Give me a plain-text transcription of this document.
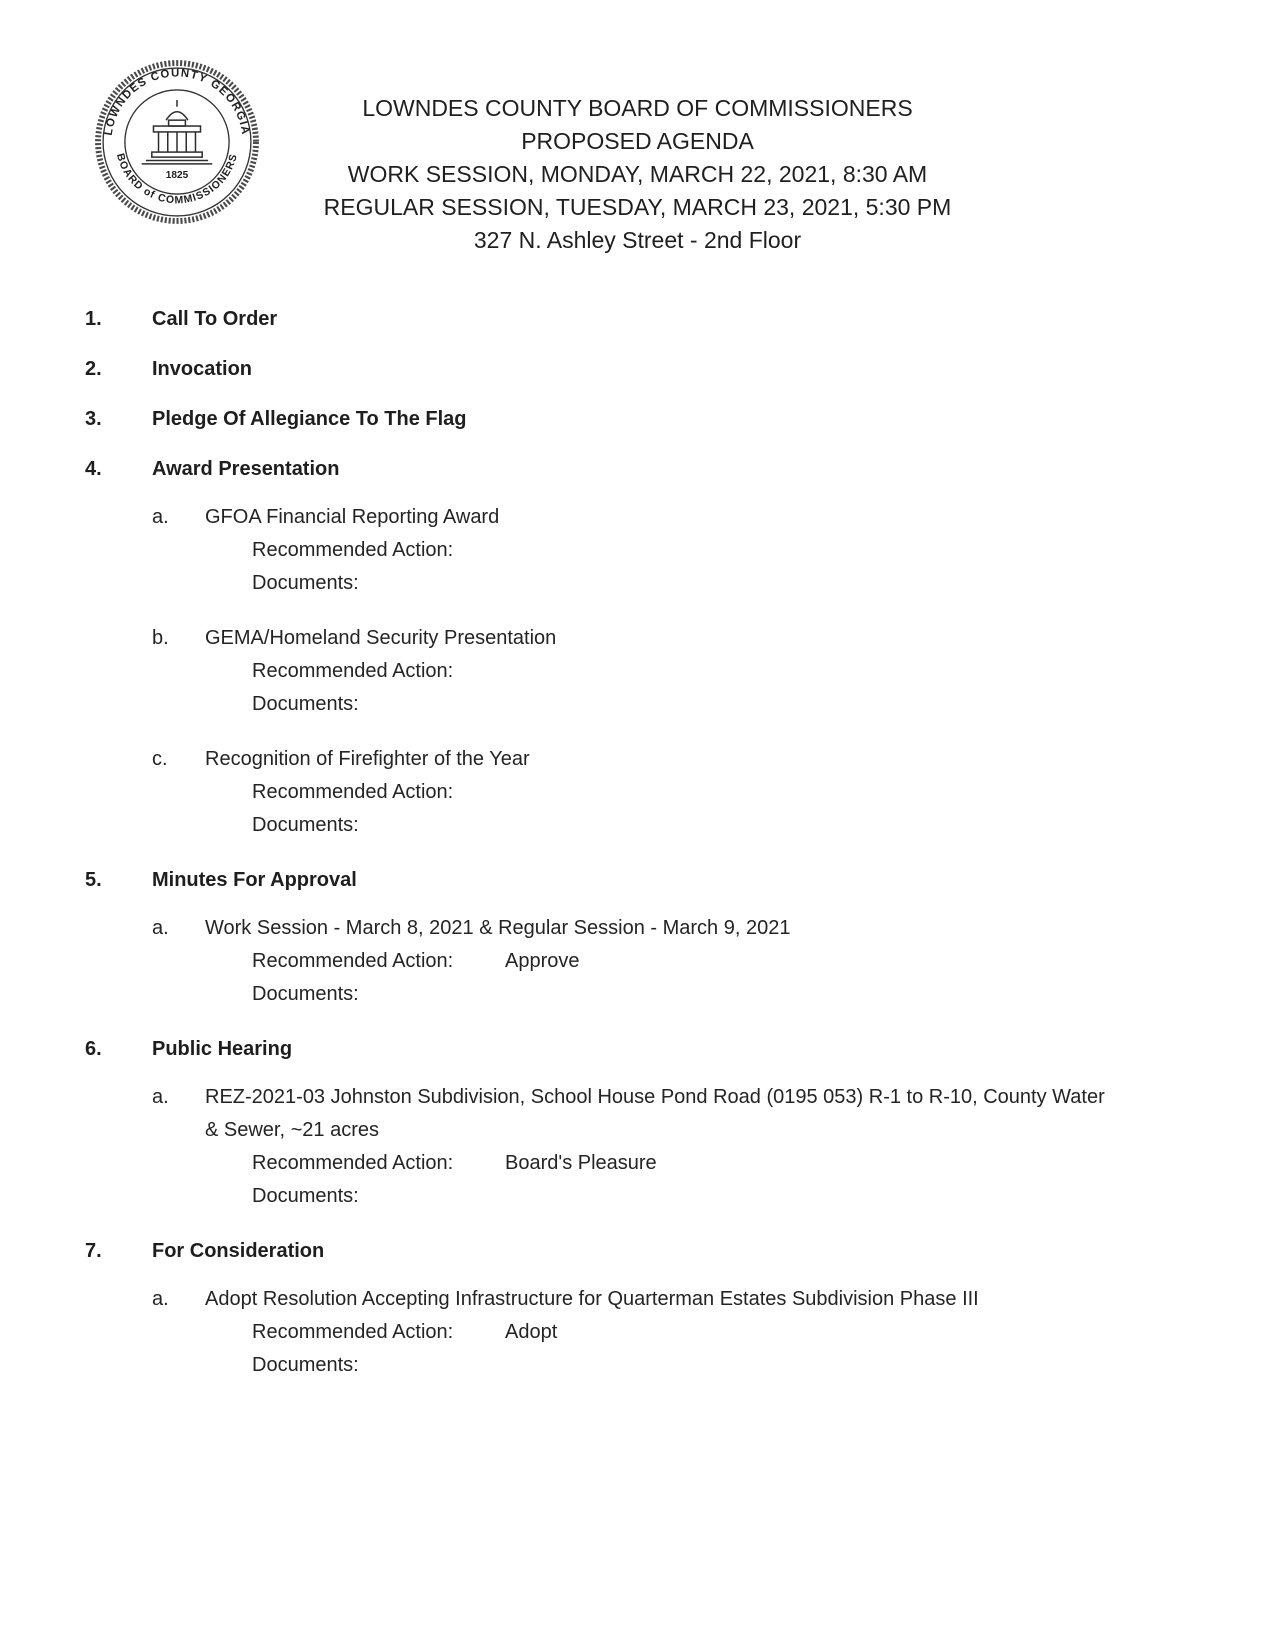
LOWNDES COUNTY GEORGIA
BOARD of COMMISSIONERS
1825
LOWNDES COUNTY BOARD OF COMMISSIONERS
PROPOSED AGENDA
WORK SESSION, MONDAY, MARCH 22, 2021, 8:30 AM
REGULAR SESSION, TUESDAY, MARCH 23, 2021, 5:30 PM
327 N. Ashley Street - 2nd Floor
1.	Call To Order
2.	Invocation
3.	Pledge Of Allegiance To The Flag
4.	Award Presentation
a.	GFOA Financial Reporting Award
Recommended Action:
Documents:
b.	GEMA/Homeland Security Presentation
Recommended Action:
Documents:
c.	Recognition of Firefighter of the Year
Recommended Action:
Documents:
5.	Minutes For Approval
a.	Work Session - March 8, 2021 & Regular Session - March 9, 2021
Recommended Action:	Approve
Documents:
6.	Public Hearing
a.	REZ-2021-03 Johnston Subdivision, School House Pond Road (0195 053) R-1 to R-10, County Water & Sewer, ~21 acres
Recommended Action:	Board's Pleasure
Documents:
7.	For Consideration
a.	Adopt Resolution Accepting Infrastructure for Quarterman Estates Subdivision Phase III
Recommended Action:	Adopt
Documents:
